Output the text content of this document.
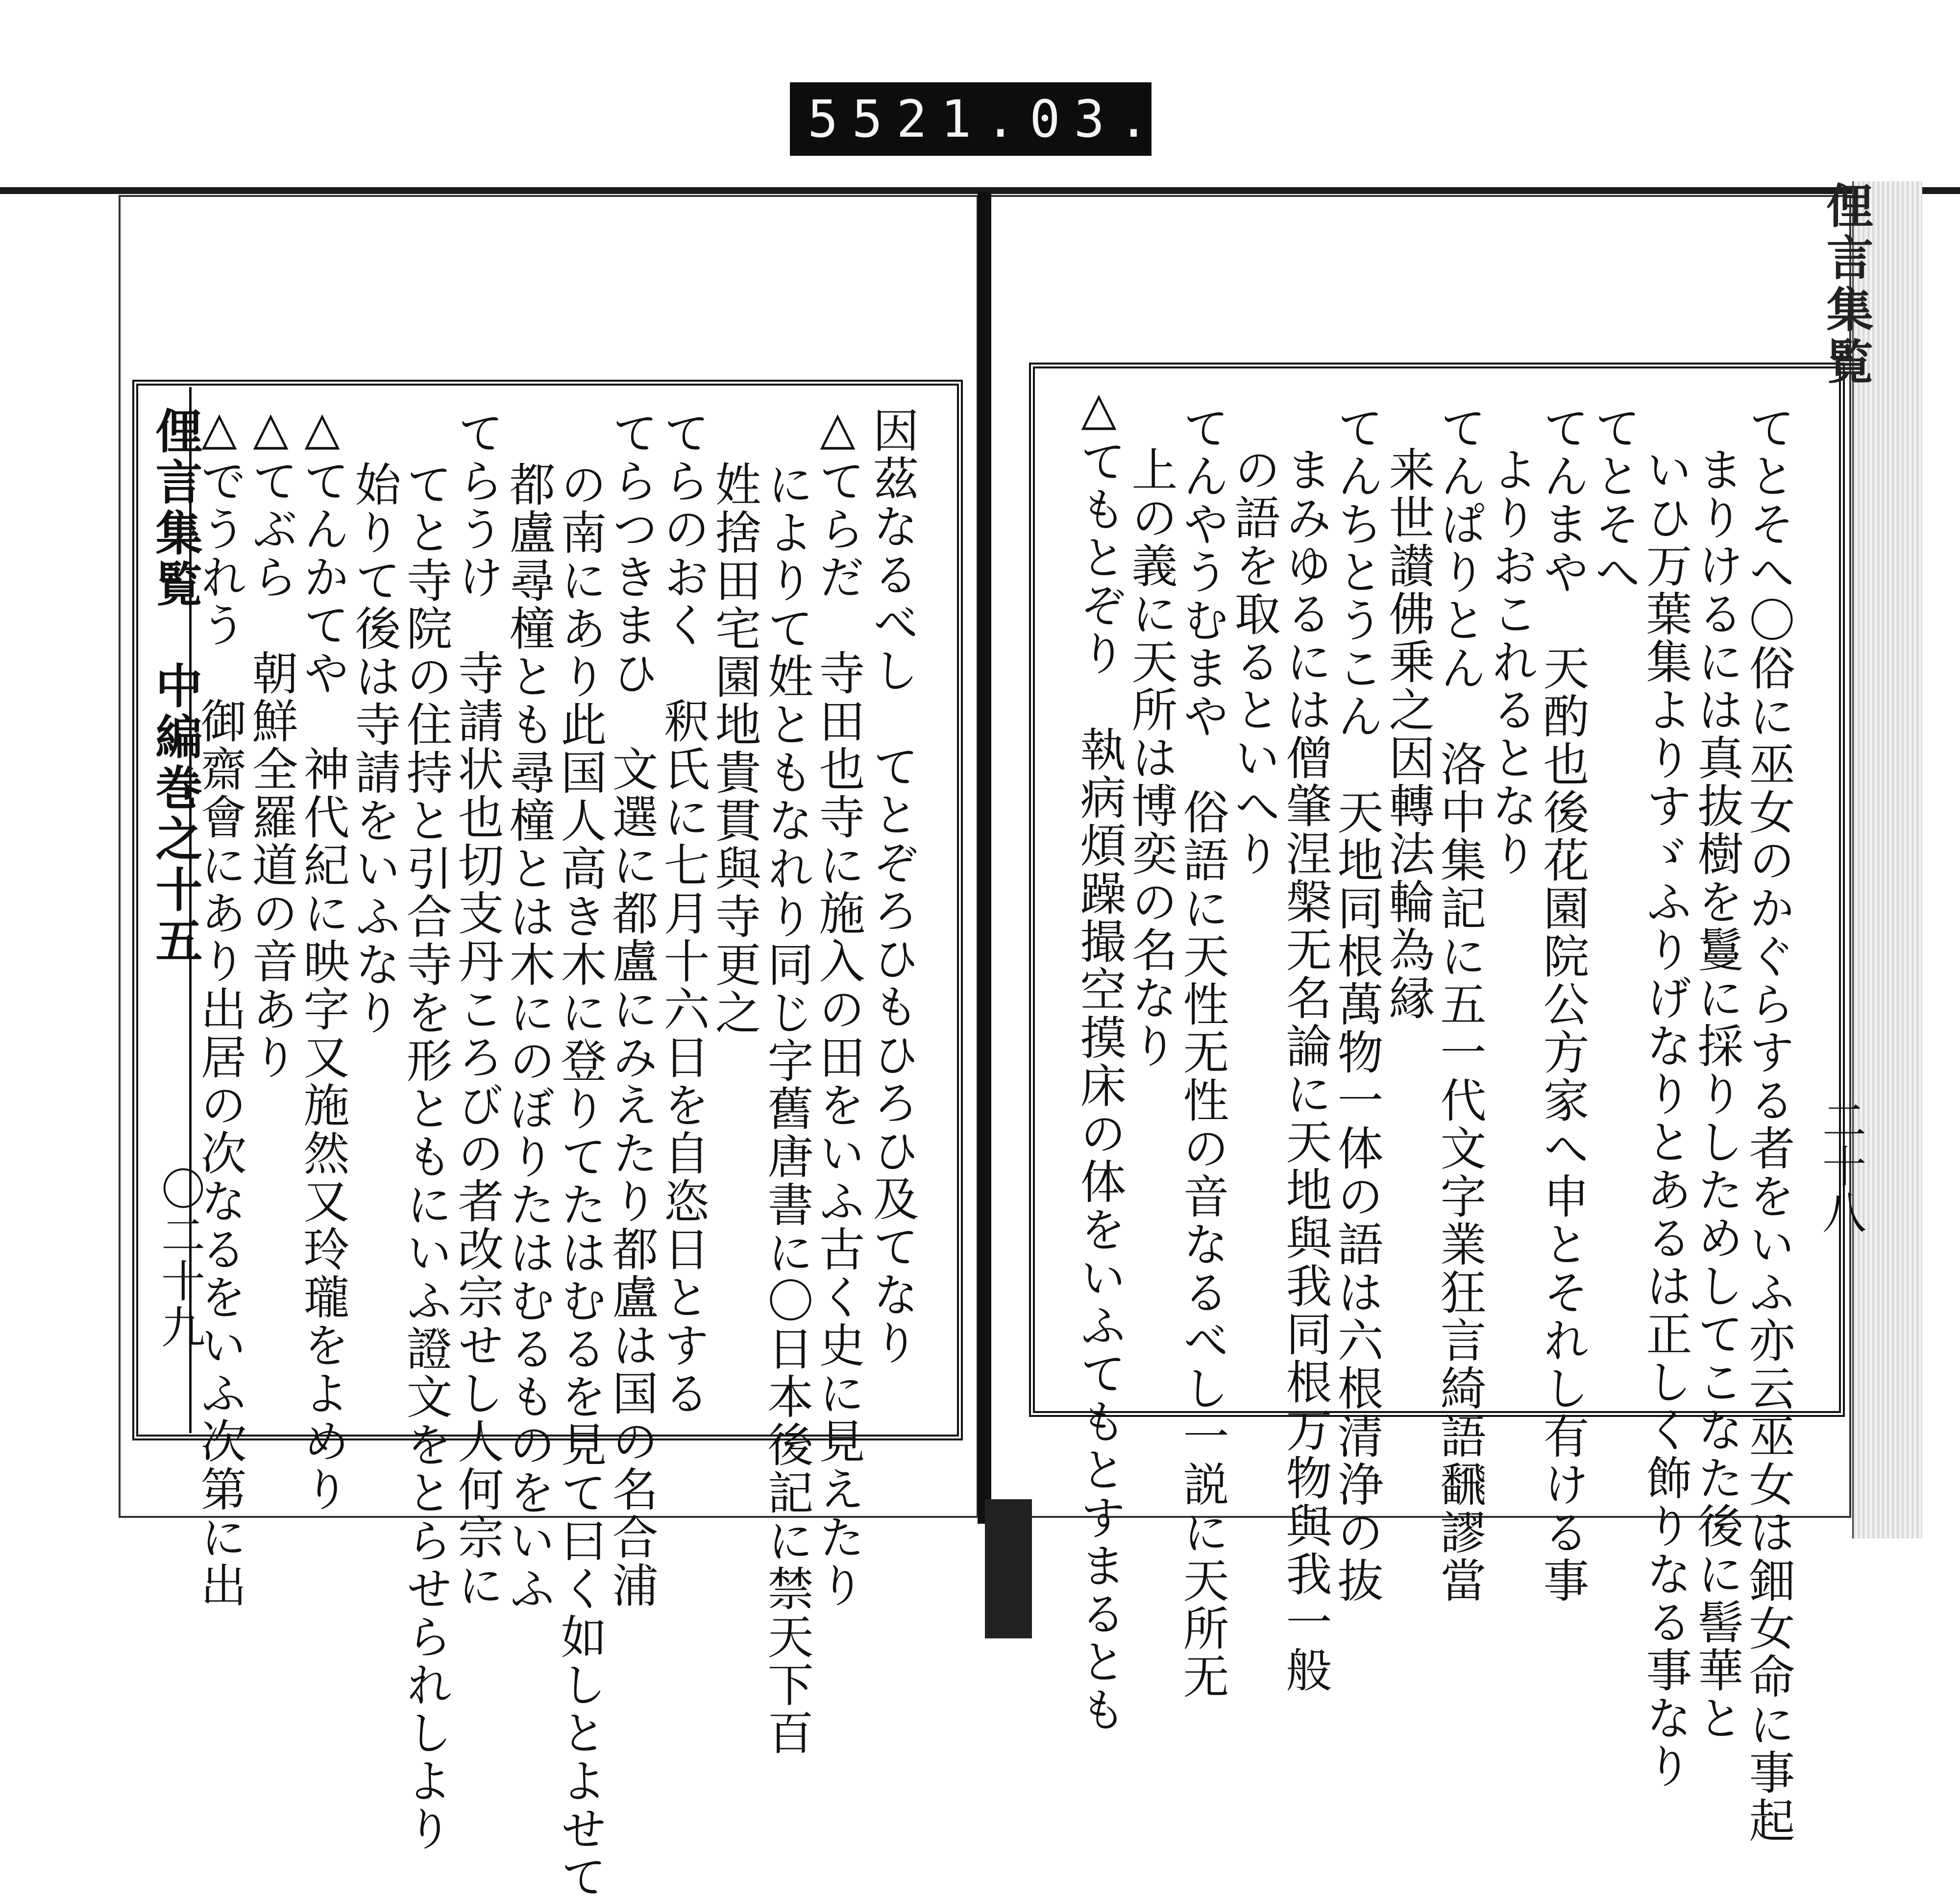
552 1.03.
俚言集覧　中編巻之十五
〇二十九	二十八
俚言集覧
因茲なるべし　てとぞろひもひろひ及てなり
△てらだ　寺田也寺に施入の田をいふ古く史に見えたり
によりて姓ともなれり同じ字舊唐書に〇日本後記に禁天下百
姓捨田宅園地貴貫與寺更之
てらのおく　釈氏に七月十六日を自恣日とする
てらつきまひ　文選に都盧にみえたり都盧は国の名合浦
の南にあり此国人高き木に登りてたはむるを見て曰く如しとよせて
都盧尋橦とも尋橦とは木にのぼりたはむるものをいふ
てらうけ　寺請状也切支丹ころびの者改宗せし人何宗に
てと寺院の住持と引合寺を形ともにいふ證文をとらせられしより
始りて後は寺請をいふなり
△てんかてや　神代紀に映字又施然又玲瓏をよめり
△てぶら　朝鮮全羅道の音あり
△でうれう　御齋會にあり出居の次なるをいふ次第に出	てとそへ〇俗に巫女のかぐらする者をいふ亦云巫女は鈿女命に事起
まりけるには真抜樹を鬘に採りしためしてこなた後に髻華と
いひ万葉集よりすゞふりげなりとあるは正しく飾りなる事なり
てとそへ
てんまや　天酌也後花園院公方家へ申とそれし有ける事
よりおこれるとなり
てんぱりとん　洛中集記に五一代文字業狂言綺語飜謬當
来世讃佛乗之因轉法輪為縁
てんちとうこん　天地同根萬物一体の語は六根清浄の抜
まみゆるには僧肇涅槃无名論に天地與我同根万物與我一般
の語を取るといへり
てんやうむまや　俗語に天性无性の音なるべし一説に天所无
上の義に天所は博奕の名なり
△てもとぞり　執病煩躁撮空摸床の体をいふてもとすまるとも
